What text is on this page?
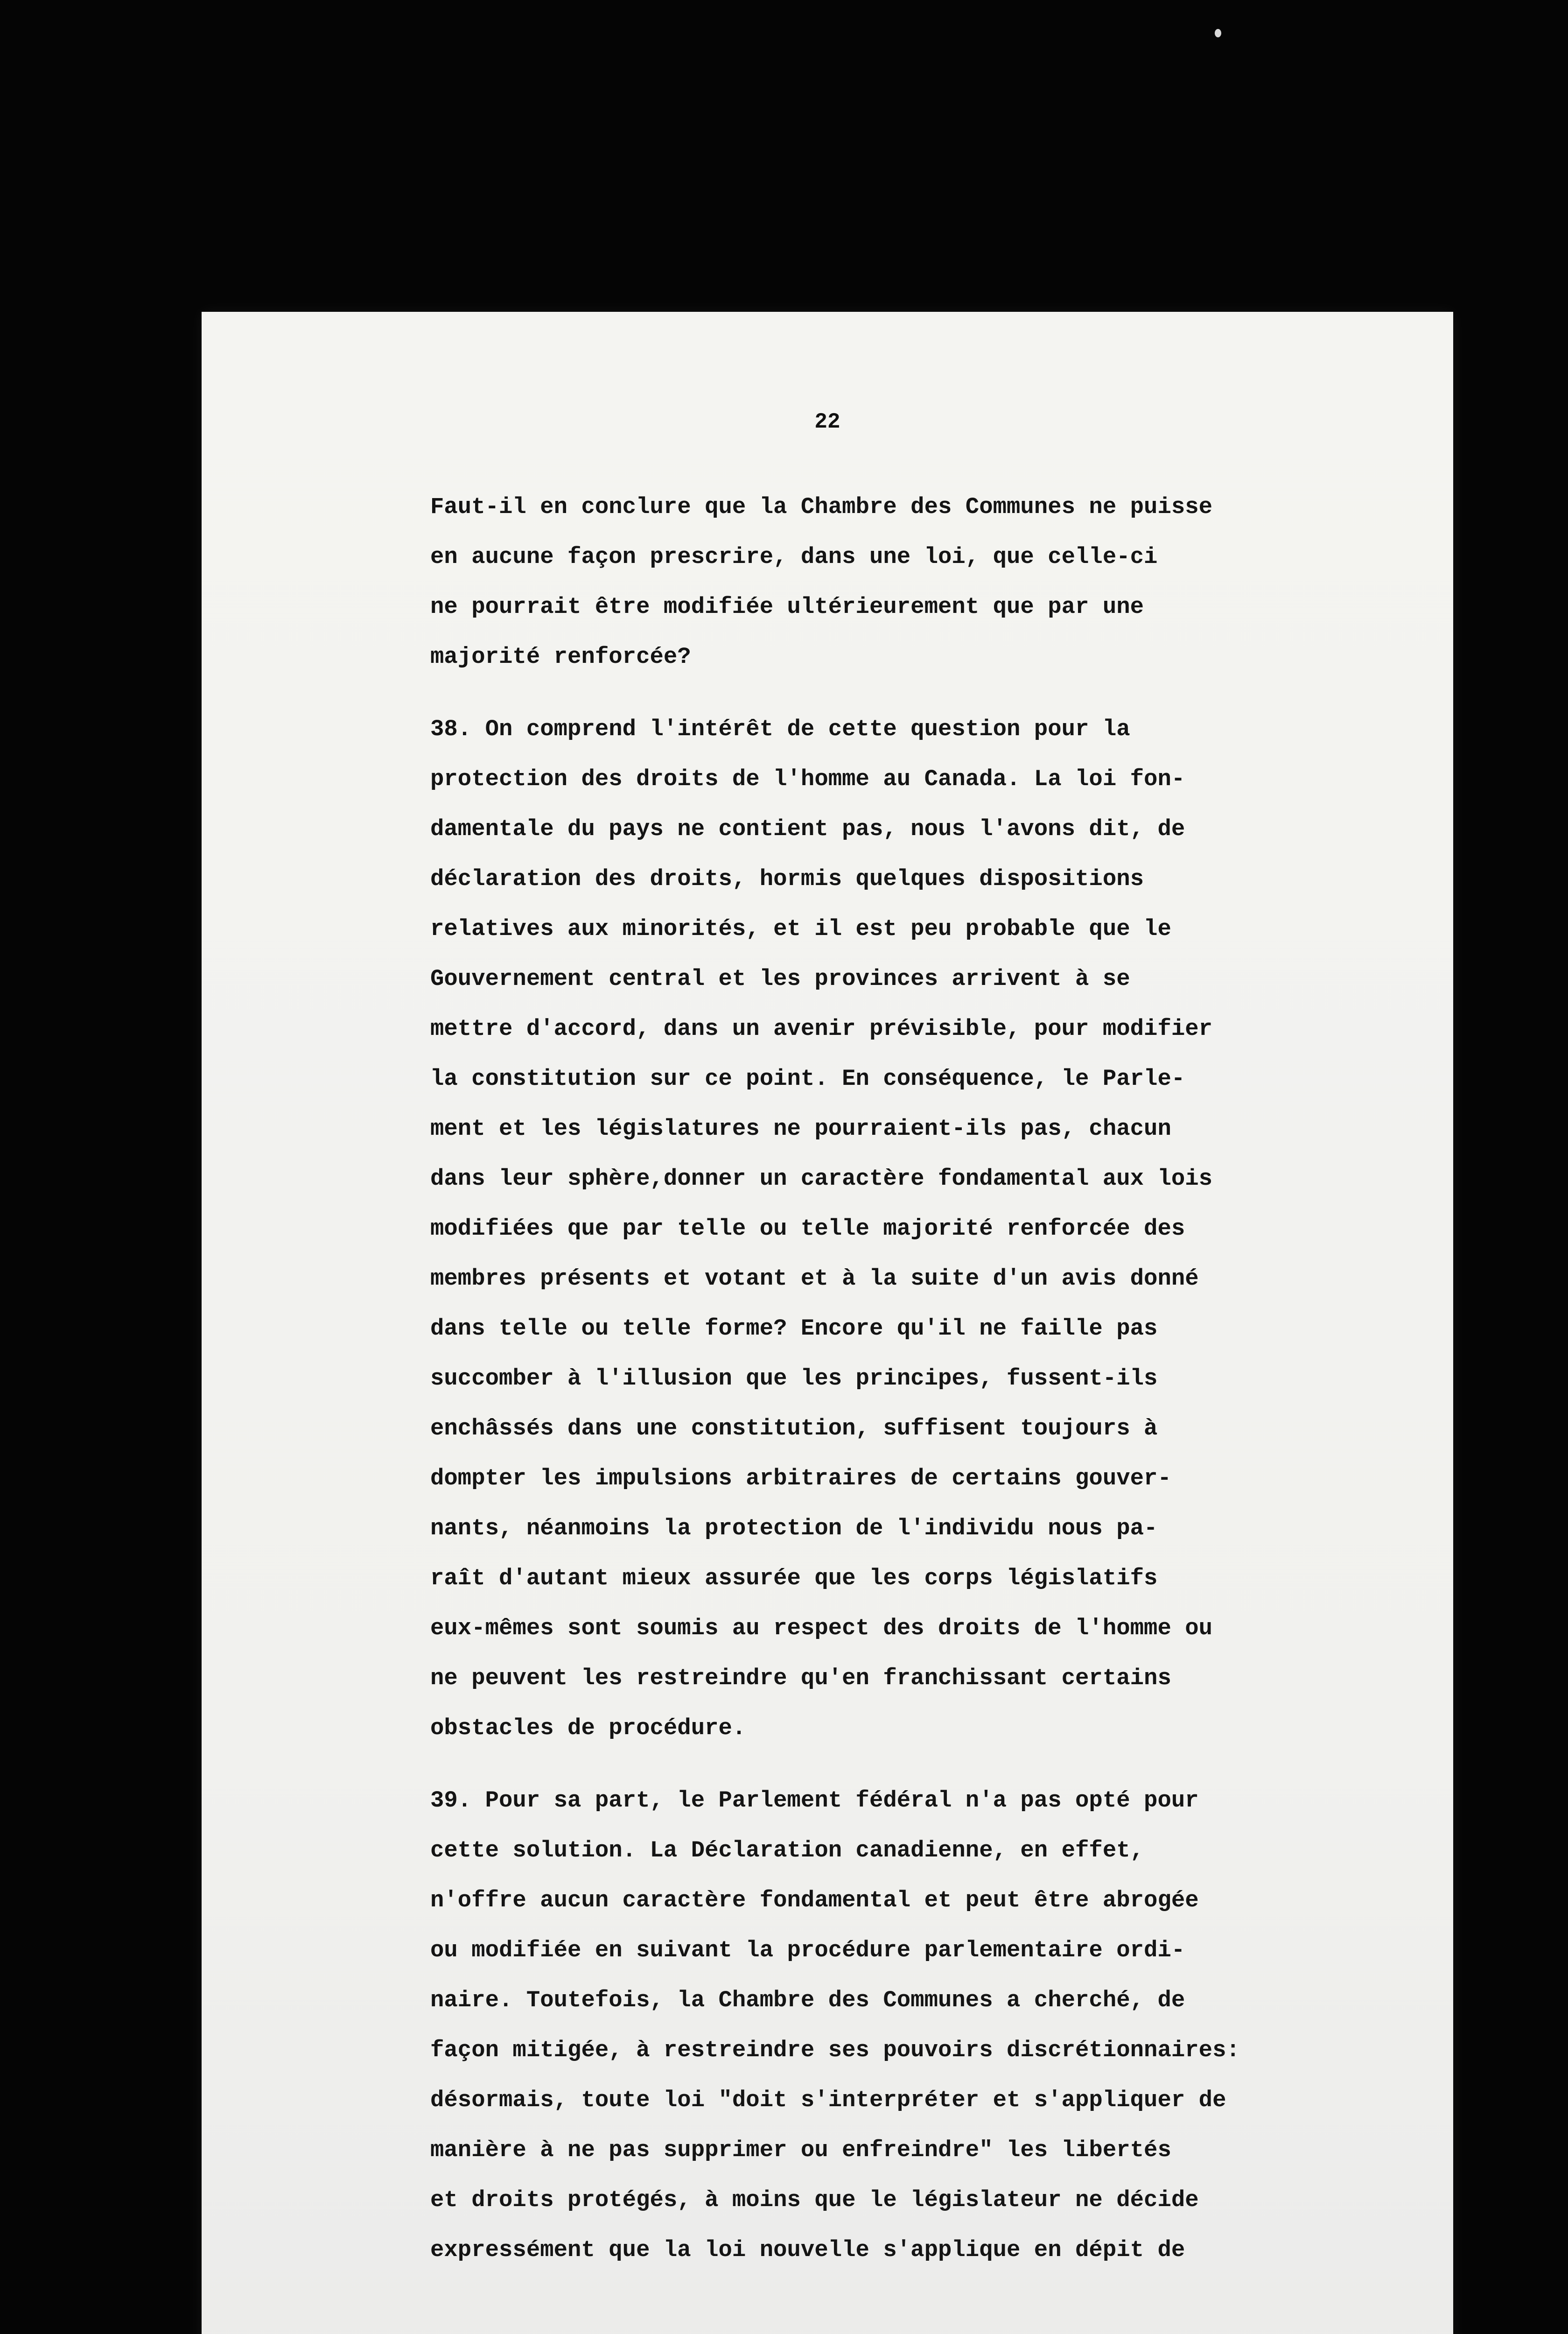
22
Faut-il en conclure que la Chambre des Communes ne puisse
en aucune façon prescrire, dans une loi, que celle-ci
ne pourrait être modifiée ultérieurement que par une
majorité renforcée?
38. On comprend l'intérêt de cette question pour la
protection des droits de l'homme au Canada. La loi fon-
damentale du pays ne contient pas, nous l'avons dit, de
déclaration des droits, hormis quelques dispositions
relatives aux minorités, et il est peu probable que le
Gouvernement central et les provinces arrivent à se
mettre d'accord, dans un avenir prévisible, pour modifier
la constitution sur ce point. En conséquence, le Parle-
ment et les législatures ne pourraient-ils pas, chacun
dans leur sphère,donner un caractère fondamental aux lois
modifiées que par telle ou telle majorité renforcée des
membres présents et votant et à la suite d'un avis donné
dans telle ou telle forme? Encore qu'il ne faille pas
succomber à l'illusion que les principes, fussent-ils
enchâssés dans une constitution, suffisent toujours à
dompter les impulsions arbitraires de certains gouver-
nants, néanmoins la protection de l'individu nous pa-
raît d'autant mieux assurée que les corps législatifs
eux-mêmes sont soumis au respect des droits de l'homme ou
ne peuvent les restreindre qu'en franchissant certains
obstacles de procédure.
39. Pour sa part, le Parlement fédéral n'a pas opté pour
cette solution. La Déclaration canadienne, en effet,
n'offre aucun caractère fondamental et peut être abrogée
ou modifiée en suivant la procédure parlementaire ordi-
naire. Toutefois, la Chambre des Communes a cherché, de
façon mitigée, à restreindre ses pouvoirs discrétionnaires:
désormais, toute loi "doit s'interpréter et s'appliquer de
manière à ne pas supprimer ou enfreindre" les libertés
et droits protégés, à moins que le législateur ne décide
expressément que la loi nouvelle s'applique en dépit de
